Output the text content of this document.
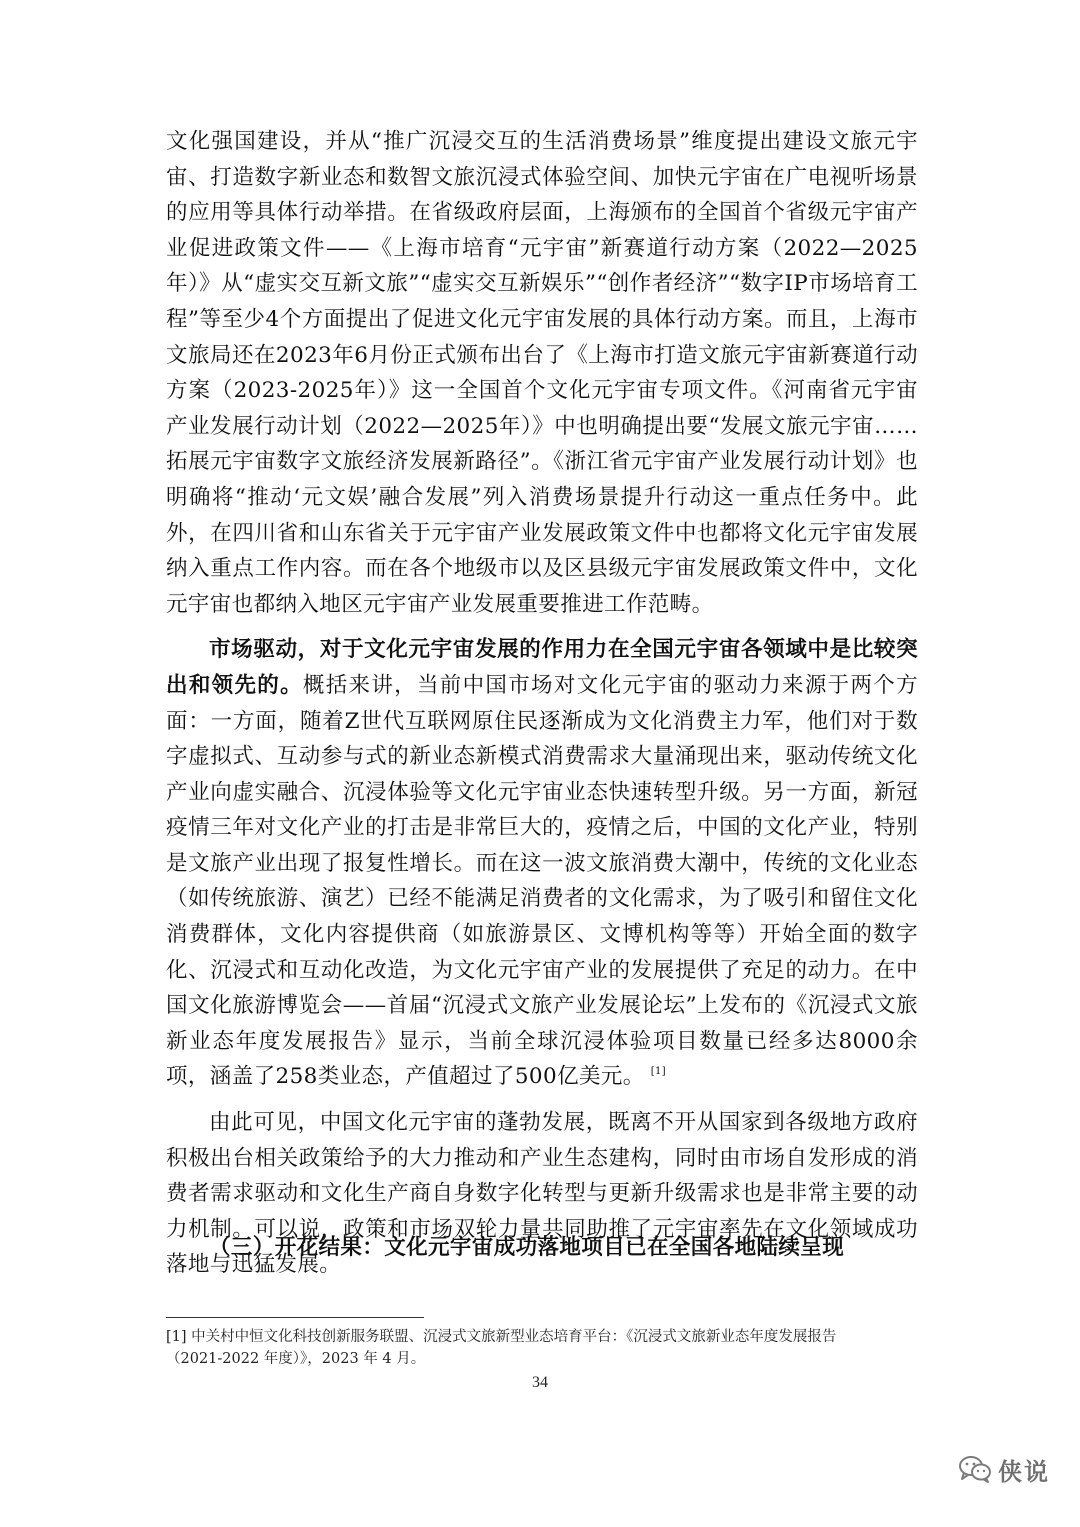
文化强国建设，并从“推广沉浸交互的生活消费场景”维度提出建设文旅元宇宙、打造数字新业态和数智文旅沉浸式体验空间、加快元宇宙在广电视听场景的应用等具体行动举措。在省级政府层面，上海颁布的全国首个省级元宇宙产业促进政策文件——《上海市培育“元宇宙”新赛道行动方案（2022—2025年）》从“虚实交互新文旅”“虚实交互新娱乐”“创作者经济”“数字IP市场培育工程”等至少4个方面提出了促进文化元宇宙发展的具体行动方案。而且，上海市文旅局还在2023年6月份正式颁布出台了《上海市打造文旅元宇宙新赛道行动方案（2023-2025年）》这一全国首个文化元宇宙专项文件。《河南省元宇宙产业发展行动计划（2022—2025年）》中也明确提出要“发展文旅元宇宙……拓展元宇宙数字文旅经济发展新路径”。《浙江省元宇宙产业发展行动计划》也明确将“推动‘元文娱’融合发展”列入消费场景提升行动这一重点任务中。此外，在四川省和山东省关于元宇宙产业发展政策文件中也都将文化元宇宙发展纳入重点工作内容。而在各个地级市以及区县级元宇宙发展政策文件中，文化元宇宙也都纳入地区元宇宙产业发展重要推进工作范畴。

市场驱动，对于文化元宇宙发展的作用力在全国元宇宙各领域中是比较突出和领先的。概括来讲，当前中国市场对文化元宇宙的驱动力来源于两个方面：一方面，随着Z世代互联网原住民逐渐成为文化消费主力军，他们对于数字虚拟式、互动参与式的新业态新模式消费需求大量涌现出来，驱动传统文化产业向虚实融合、沉浸体验等文化元宇宙业态快速转型升级。另一方面，新冠疫情三年对文化产业的打击是非常巨大的，疫情之后，中国的文化产业，特别是文旅产业出现了报复性增长。而在这一波文旅消费大潮中，传统的文化业态（如传统旅游、演艺）已经不能满足消费者的文化需求，为了吸引和留住文化消费群体，文化内容提供商（如旅游景区、文博机构等等）开始全面的数字化、沉浸式和互动化改造，为文化元宇宙产业的发展提供了充足的动力。在中国文化旅游博览会——首届“沉浸式文旅产业发展论坛”上发布的《沉浸式文旅新业态年度发展报告》显示，当前全球沉浸体验项目数量已经多达8000余项，涵盖了258类业态，产值超过了500亿美元。 [1]

由此可见，中国文化元宇宙的蓬勃发展，既离不开从国家到各级地方政府积极出台相关政策给予的大力推动和产业生态建构，同时由市场自发形成的消费者需求驱动和文化生产商自身数字化转型与更新升级需求也是非常主要的动力机制。可以说，政策和市场双轮力量共同助推了元宇宙率先在文化领域成功落地与迅猛发展。

（三）开花结果：文化元宇宙成功落地项目已在全国各地陆续呈现

[1] 中关村中恒文化科技创新服务联盟、沉浸式文旅新型业态培育平台：《沉浸式文旅新业态年度发展报告

（2021-2022 年度）》，2023 年 4 月。

34
侠说
